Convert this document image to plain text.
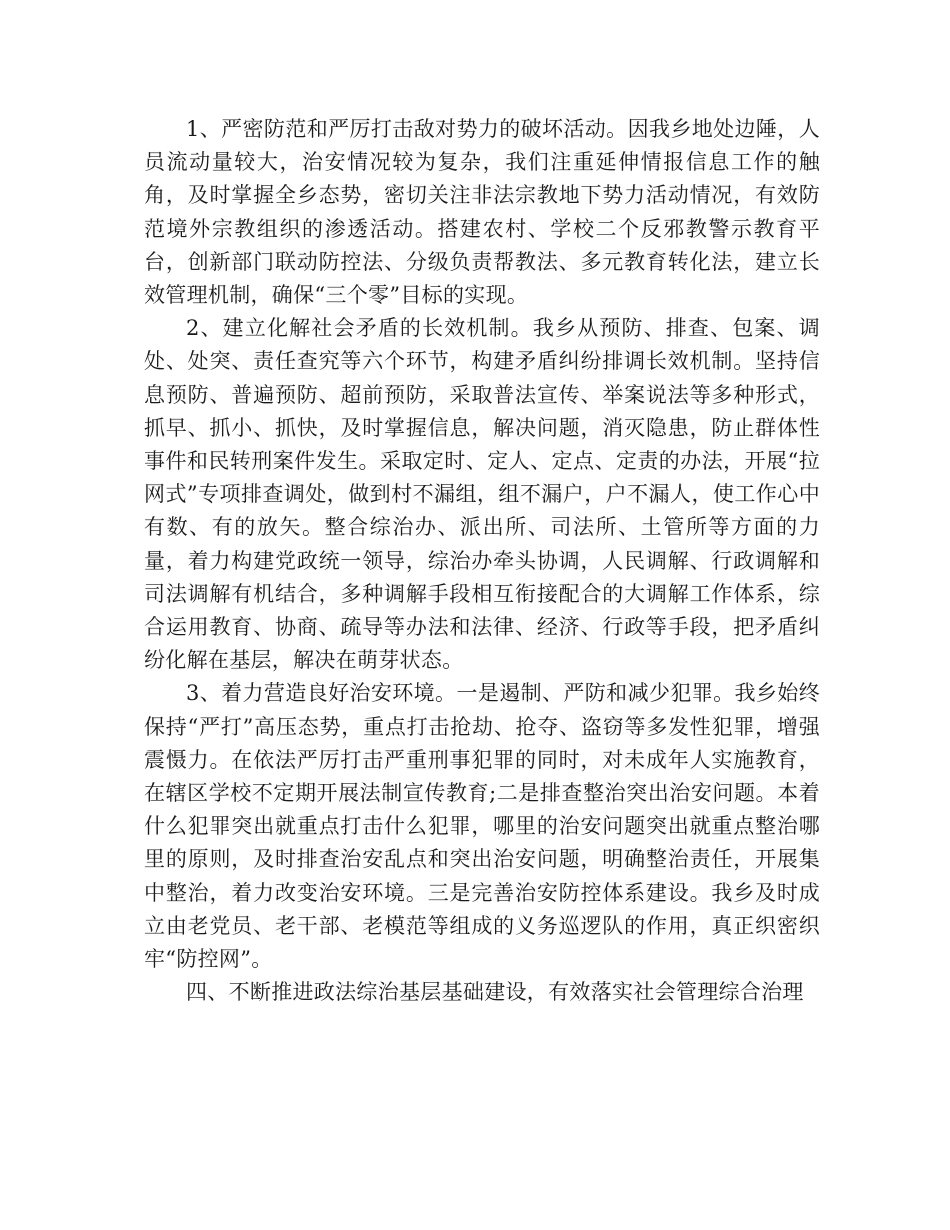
1、严密防范和严厉打击敌对势力的破坏活动。因我乡地处边陲，人员流动量较大，治安情况较为复杂，我们注重延伸情报信息工作的触角，及时掌握全乡态势，密切关注非法宗教地下势力活动情况，有效防范境外宗教组织的渗透活动。搭建农村、学校二个反邪教警示教育平台，创新部门联动防控法、分级负责帮教法、多元教育转化法，建立长效管理机制，确保“三个零”目标的实现。

2、建立化解社会矛盾的长效机制。我乡从预防、排查、包案、调处、处突、责任查究等六个环节，构建矛盾纠纷排调长效机制。坚持信息预防、普遍预防、超前预防，采取普法宣传、举案说法等多种形式，抓早、抓小、抓快，及时掌握信息，解决问题，消灭隐患，防止群体性事件和民转刑案件发生。采取定时、定人、定点、定责的办法，开展“拉网式”专项排查调处，做到村不漏组，组不漏户，户不漏人，使工作心中有数、有的放矢。整合综治办、派出所、司法所、土管所等方面的力量，着力构建党政统一领导，综治办牵头协调，人民调解、行政调解和司法调解有机结合，多种调解手段相互衔接配合的大调解工作体系，综合运用教育、协商、疏导等办法和法律、经济、行政等手段，把矛盾纠纷化解在基层，解决在萌芽状态。

3、着力营造良好治安环境。一是遏制、严防和减少犯罪。我乡始终保持“严打”高压态势，重点打击抢劫、抢夺、盗窃等多发性犯罪，增强震慑力。在依法严厉打击严重刑事犯罪的同时，对未成年人实施教育，在辖区学校不定期开展法制宣传教育;二是排查整治突出治安问题。本着什么犯罪突出就重点打击什么犯罪，哪里的治安问题突出就重点整治哪里的原则，及时排查治安乱点和突出治安问题，明确整治责任，开展集中整治，着力改变治安环境。三是完善治安防控体系建设。我乡及时成立由老党员、老干部、老模范等组成的义务巡逻队的作用，真正织密织牢“防控网”。

四、不断推进政法综治基层基础建设，有效落实社会管理综合治理
